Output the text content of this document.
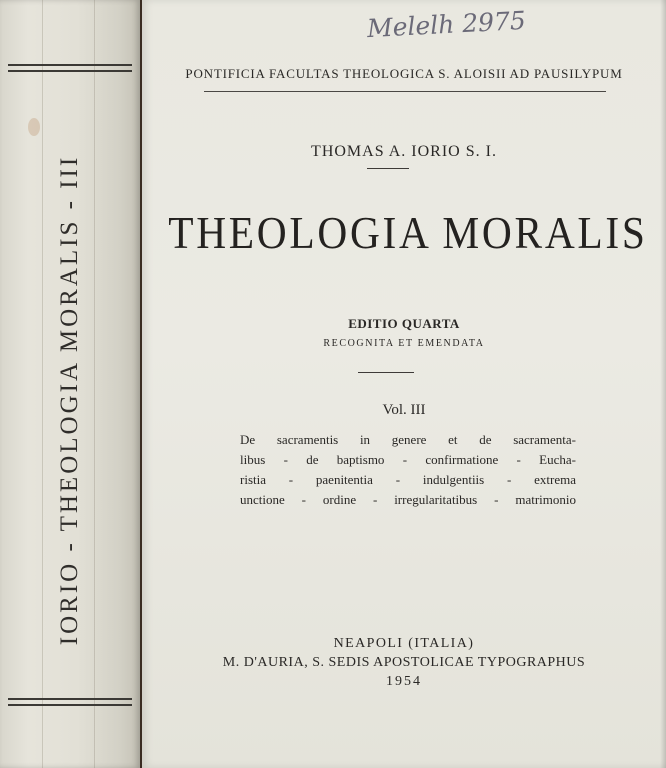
IORIO - THEOLOGIA MORALIS - III
Melelh 2975
PONTIFICIA FACULTAS THEOLOGICA S. ALOISII AD PAUSILYPUM
THOMAS A. IORIO S. I.
THEOLOGIA MORALIS
EDITIO QUARTA
RECOGNITA ET EMENDATA
Vol. III
De sacramentis in genere et de sacramenta-
libus - de baptismo - confirmatione - Eucha-
ristia - paenitentia - indulgentiis - extrema
unctione - ordine - irregularitatibus - matrimonio
NEAPOLI (ITALIA)
M. D'AURIA, S. SEDIS APOSTOLICAE TYPOGRAPHUS
1954
